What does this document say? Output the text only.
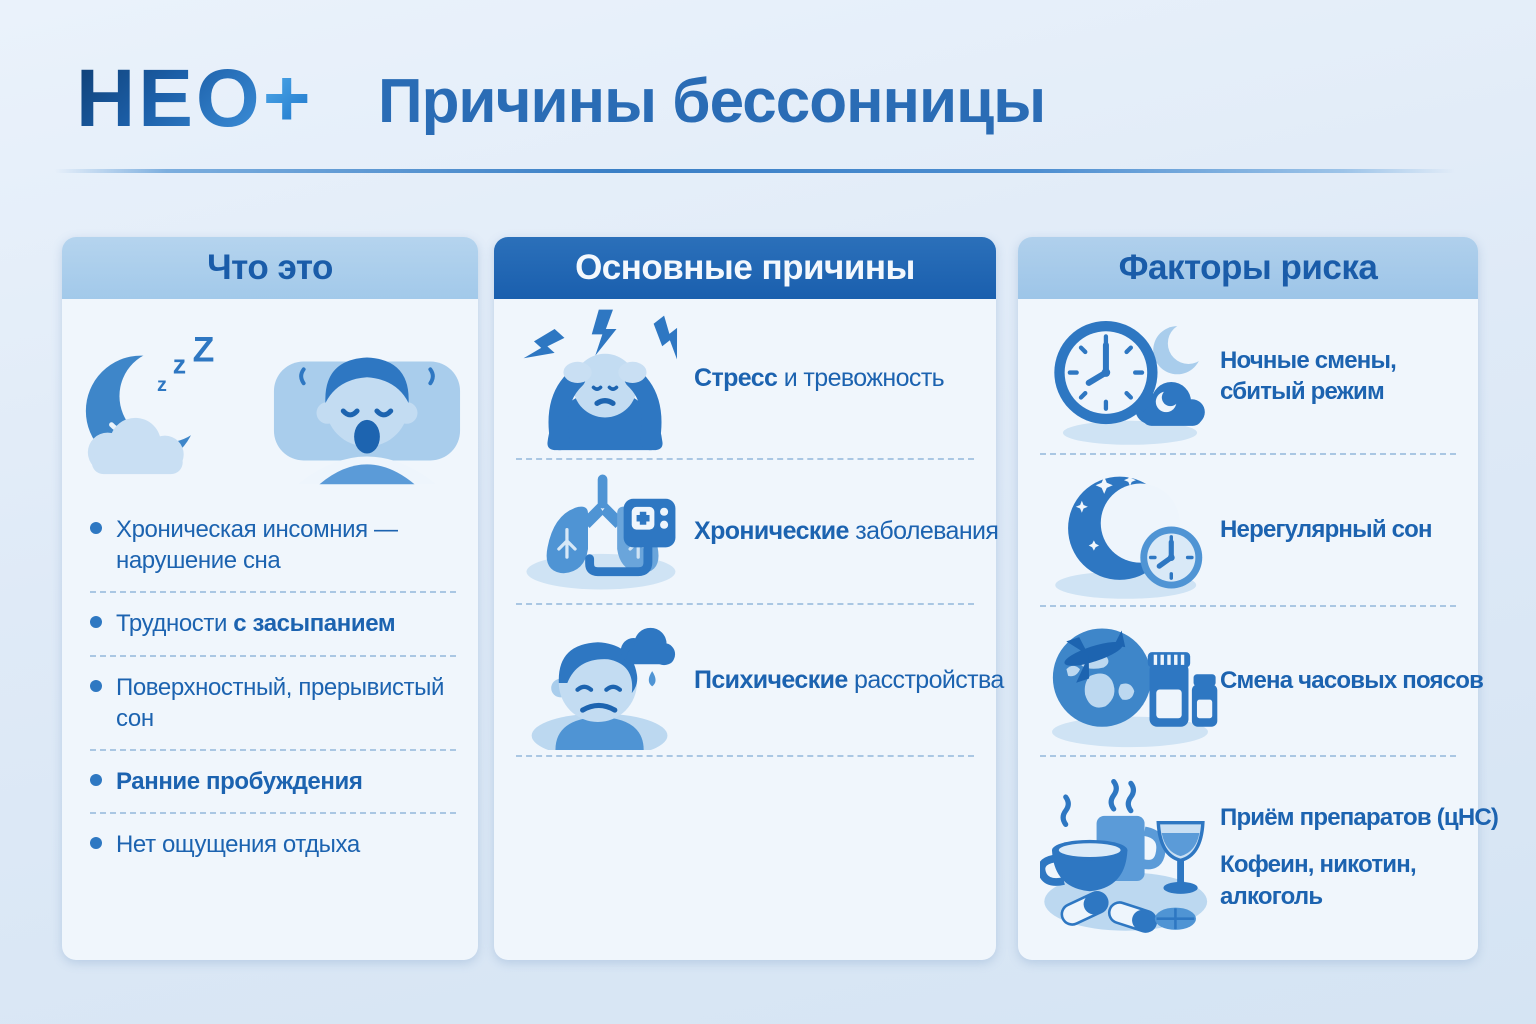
НЕО+ Причины бессонницы
Что это
z
z Z
Хроническая инсомния —
нарушение сна
Трудности с засыпанием
Поверхностный, прерывистый сон
Ранние пробуждения
Нет ощущения отдыха
Основные причины
Стресс и тревожность
Хронические заболевания
Психические расстройства
Факторы риска
Ночные смены,
сбитый режим
Нерегулярный сон
Смена часовых поясов
Приём препаратов (цНС)
Кофеин, никотин,
алкоголь
